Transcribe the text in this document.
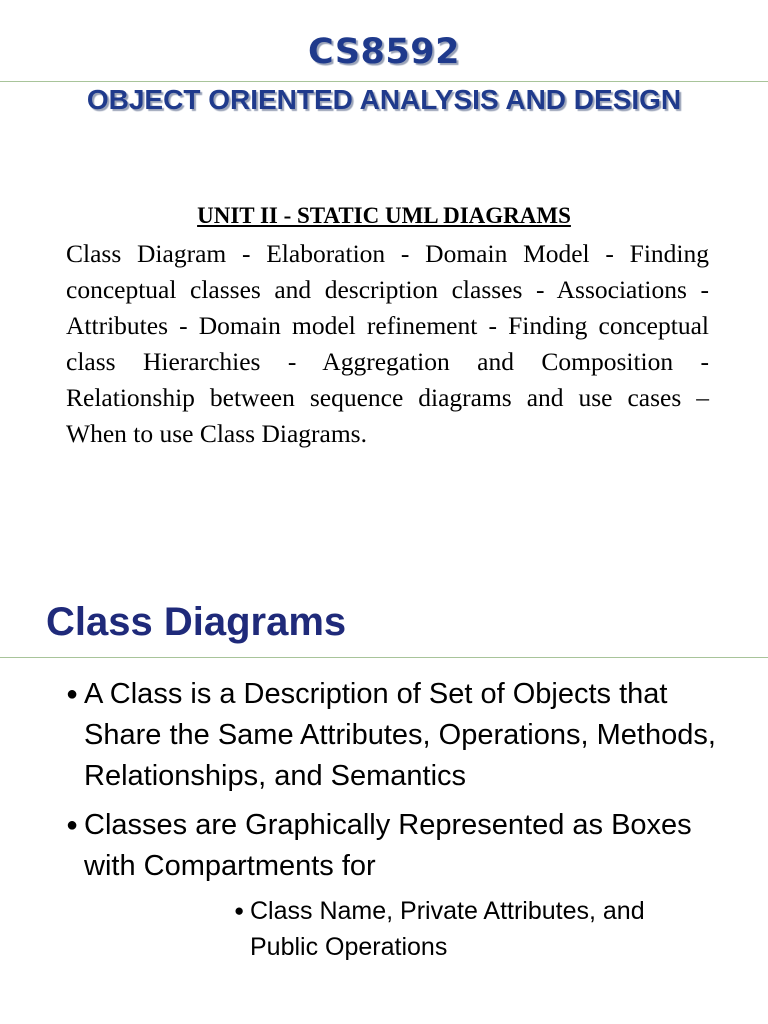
CS8592
OBJECT ORIENTED ANALYSIS AND DESIGN
UNIT II - STATIC UML DIAGRAMS

Class Diagram - Elaboration - Domain Model - Finding conceptual classes and description classes - Associations - Attributes - Domain model refinement - Finding conceptual class Hierarchies - Aggregation and Composition - Relationship between sequence diagrams and use cases – When to use Class Diagrams.

Class Diagrams
● A Class is a Description of Set of Objects that Share the Same Attributes, Operations, Methods, Relationships, and Semantics
● Classes are Graphically Represented as Boxes with Compartments for
● Class Name, Private Attributes, and Public Operations
